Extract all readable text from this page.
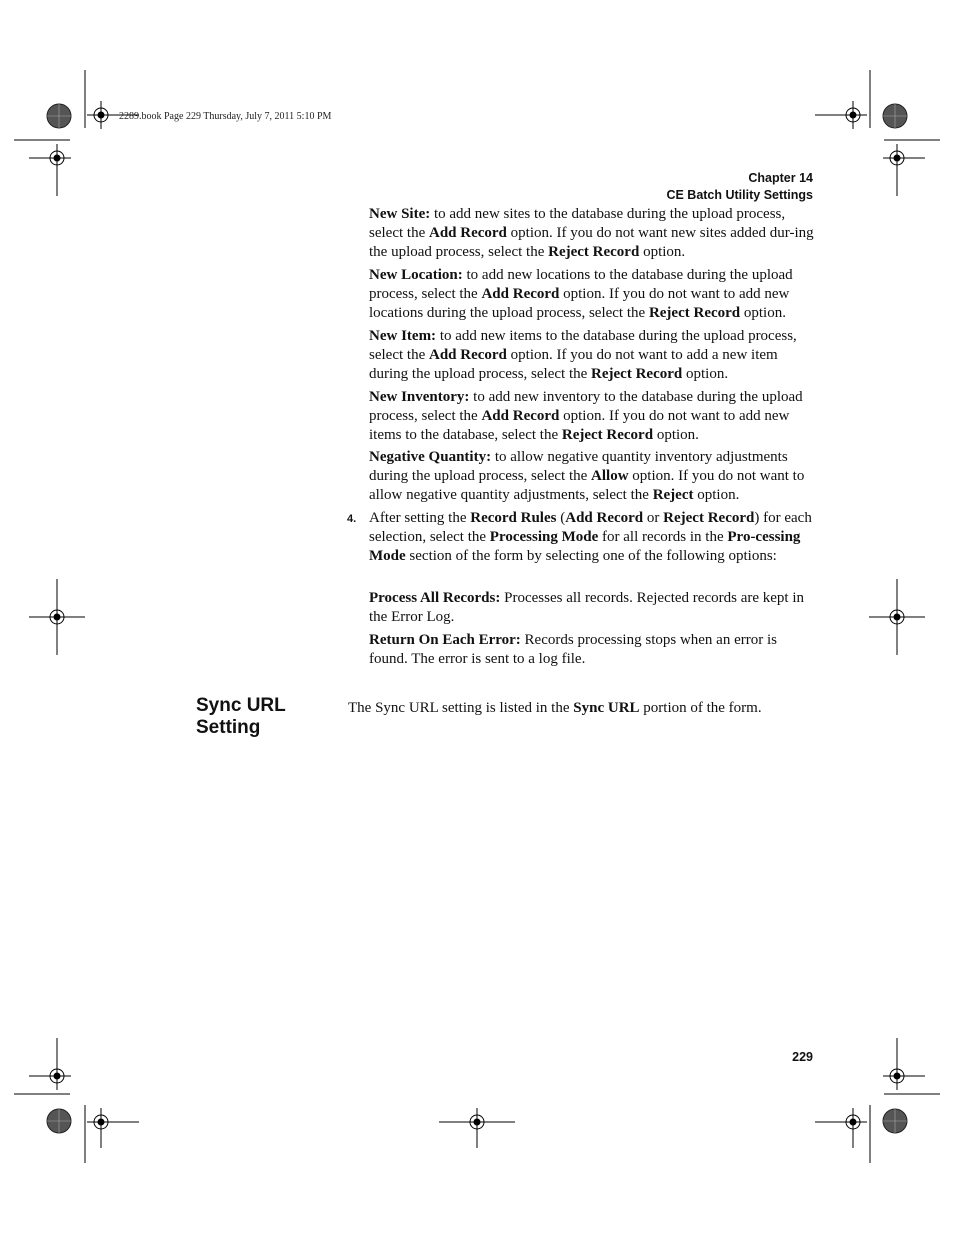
2289.book Page 229 Thursday, July 7, 2011 5:10 PM
Chapter 14
CE Batch Utility Settings
New Site: to add new sites to the database during the upload process, select the Add Record option. If you do not want new sites added dur-ing the upload process, select the Reject Record option.
New Location: to add new locations to the database during the upload process, select the Add Record option. If you do not want to add new locations during the upload process, select the Reject Record option.
New Item: to add new items to the database during the upload process, select the Add Record option. If you do not want to add a new item during the upload process, select the Reject Record option.
New Inventory: to add new inventory to the database during the upload process, select the Add Record option. If you do not want to add new items to the database, select the Reject Record option.
Negative Quantity: to allow negative quantity inventory adjustments during the upload process, select the Allow option. If you do not want to allow negative quantity adjustments, select the Reject option.
4. After setting the Record Rules (Add Record or Reject Record) for each selection, select the Processing Mode for all records in the Pro-cessing Mode section of the form by selecting one of the following options:
Process All Records: Processes all records. Rejected records are kept in the Error Log.
Return On Each Error: Records processing stops when an error is found. The error is sent to a log file.
Sync URL
Setting
The Sync URL setting is listed in the Sync URL portion of the form.
229
